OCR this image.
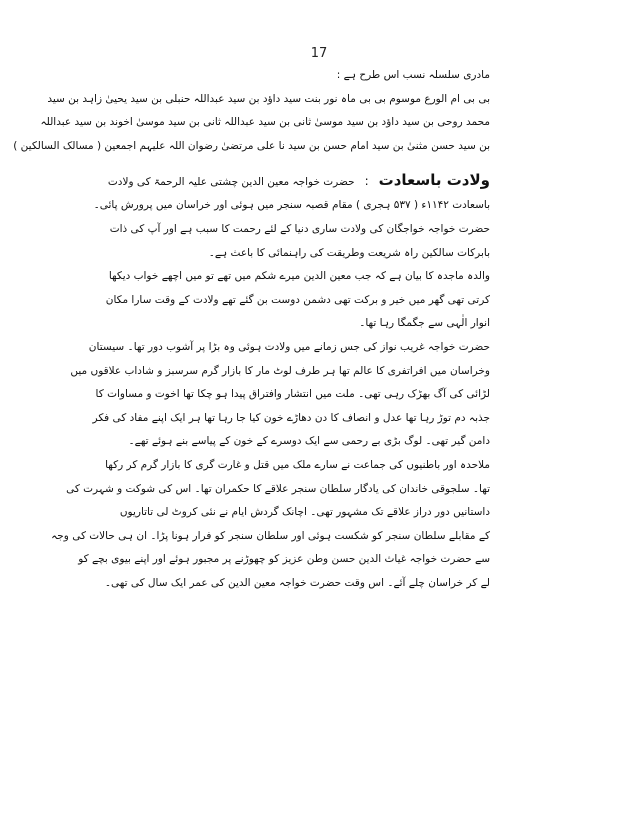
17
مادری سلسلہ نسب اس طرح ہے :
بی بی ام الورع موسوم بی بی ماہ نور بنت سید داؤد بن سید عبداللہ حنبلی بن سید یحییٰ زاہد بن سید
محمد روحی بن سید داؤد بن سید موسیٰ ثانی بن سید عبداللہ ثانی بن سید موسیٰ اخوند بن سید عبداللہ
بن سید حسن مثنیٰ بن سید امام حسن بن سید نا علی مرتضیٰ رضوان اللہ علیہم اجمعین ( مسالک السالکین )
ولادت باسعادت
:
حضرت خواجہ معین الدین چشتی علیہ الرحمۃ کی ولادت
باسعادت ۱۱۴۲ء ( ۵۳۷ ہجری ) مقام قصبہ سنجر میں ہوئی اور خراسان میں پرورش پائی۔
حضرت خواجہ خواجگان کی ولادت ساری دنیا کے لئے رحمت کا سبب ہے اور آپ کی ذات
بابرکات سالکین راہ شریعت وطریقت کی راہنمائی کا باعث ہے۔
والدہ ماجدہ کا بیان ہے کہ جب معین الدین میرے شکم میں تھے تو میں اچھے خواب دیکھا
کرتی تھی گھر میں خیر و برکت تھی دشمن دوست بن گئے تھے ولادت کے وقت سارا مکان
انوار الٰہی سے جگمگا رہا تھا۔
حضرت خواجہ غریب نواز کی جس زمانے میں ولادت ہوئی وہ بڑا پر آشوب دور تھا۔ سیستان
وخراسان میں افراتفری کا عالم تھا ہر طرف لوٹ مار کا بازار گرم سرسبز و شاداب علاقوں میں
لڑائی کی آگ بھڑک رہی تھی۔ ملت میں انتشار وافتراق پیدا ہو چکا تھا اخوت و مساوات کا
جذبہ دم توڑ رہا تھا عدل و انصاف کا دن دھاڑے خون کیا جا رہا تھا ہر ایک اپنے مفاد کی فکر
دامن گیر تھی۔ لوگ بڑی بے رحمی سے ایک دوسرے کے خون کے پیاسے بنے ہوئے تھے۔
ملاحدہ اور باطنیوں کی جماعت نے سارے ملک میں قتل و غارت گری کا بازار گرم کر رکھا
تھا۔ سلجوقی خاندان کی یادگار سلطان سنجر علاقے کا حکمران تھا۔ اس کی شوکت و شہرت کی
داستانیں دور دراز علاقے تک مشہور تھی۔ اچانک گردش ایام نے نئی کروٹ لی تاتاریوں
کے مقابلے سلطان سنجر کو شکست ہوئی اور سلطان سنجر کو فرار ہونا پڑا۔ ان ہی حالات کی وجہ
سے حضرت خواجہ غیاث الدین حسن وطن عزیز کو چھوڑنے پر مجبور ہوئے اور اپنے بیوی بچے کو
لے کر خراسان چلے آئے۔ اس وقت حضرت خواجہ معین الدین کی عمر ایک سال کی تھی۔
